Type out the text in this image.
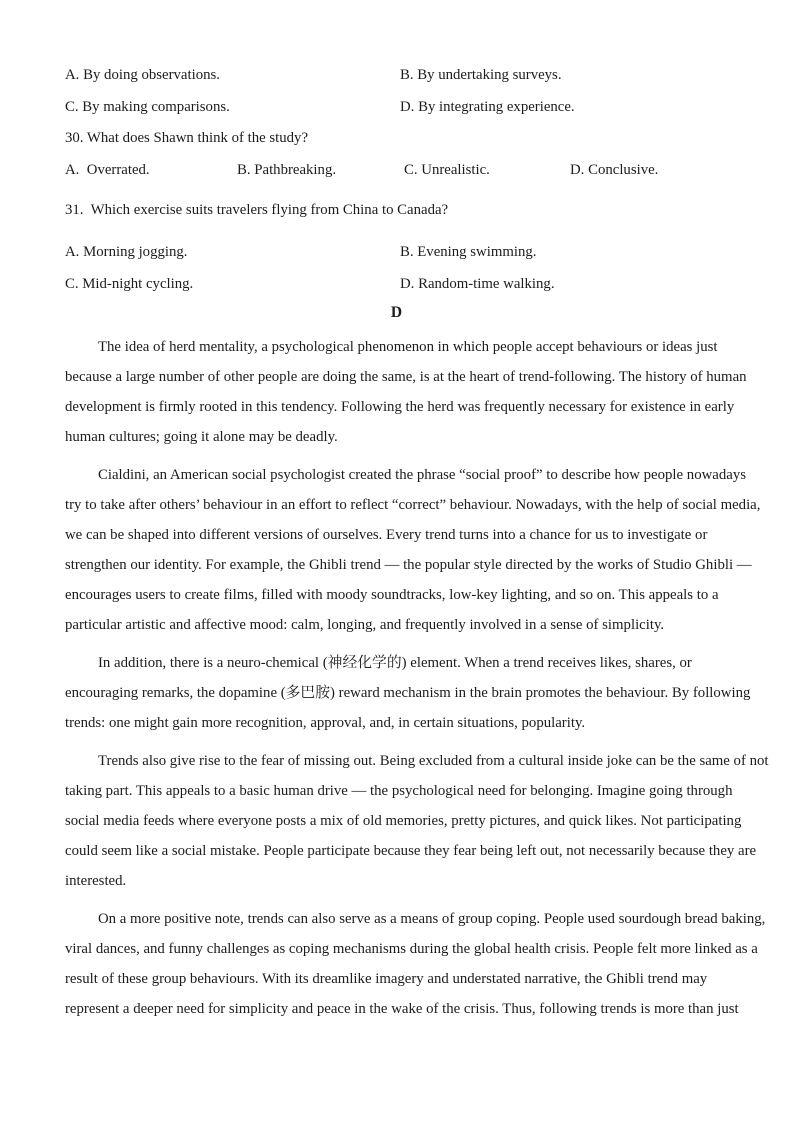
A. By doing observations.	B. By undertaking surveys.
C. By making comparisons.	D. By integrating experience.
30. What does Shawn think of the study?
A.  Overrated.	B. Pathbreaking.	C. Unrealistic.	D. Conclusive.
31.  Which exercise suits travelers flying from China to Canada?
A. Morning jogging.	B. Evening swimming.
C. Mid-night cycling.	D. Random-time walking.
D
The idea of herd mentality, a psychological phenomenon in which people accept behaviours or ideas just
because a large number of other people are doing the same, is at the heart of trend-following. The history of human
development is firmly rooted in this tendency. Following the herd was frequently necessary for existence in early
human cultures; going it alone may be deadly.
Cialdini, an American social psychologist created the phrase “social proof” to describe how people nowadays
try to take after others’ behaviour in an effort to reflect “correct” behaviour. Nowadays, with the help of social media,
we can be shaped into different versions of ourselves. Every trend turns into a chance for us to investigate or
strengthen our identity. For example, the Ghibli trend — the popular style directed by the works of Studio Ghibli —
encourages users to create films, filled with moody soundtracks, low-key lighting, and so on. This appeals to a
particular artistic and affective mood: calm, longing, and frequently involved in a sense of simplicity.
In addition, there is a neuro-chemical (神经化学的) element. When a trend receives likes, shares, or
encouraging remarks, the dopamine (多巴胺) reward mechanism in the brain promotes the behaviour. By following
trends: one might gain more recognition, approval, and, in certain situations, popularity.
Trends also give rise to the fear of missing out. Being excluded from a cultural inside joke can be the same of not
taking part. This appeals to a basic human drive — the psychological need for belonging. Imagine going through
social media feeds where everyone posts a mix of old memories, pretty pictures, and quick likes. Not participating
could seem like a social mistake. People participate because they fear being left out, not necessarily because they are
interested.
On a more positive note, trends can also serve as a means of group coping. People used sourdough bread baking,
viral dances, and funny challenges as coping mechanisms during the global health crisis. People felt more linked as a
result of these group behaviours. With its dreamlike imagery and understated narrative, the Ghibli trend may
represent a deeper need for simplicity and peace in the wake of the crisis. Thus, following trends is more than just
